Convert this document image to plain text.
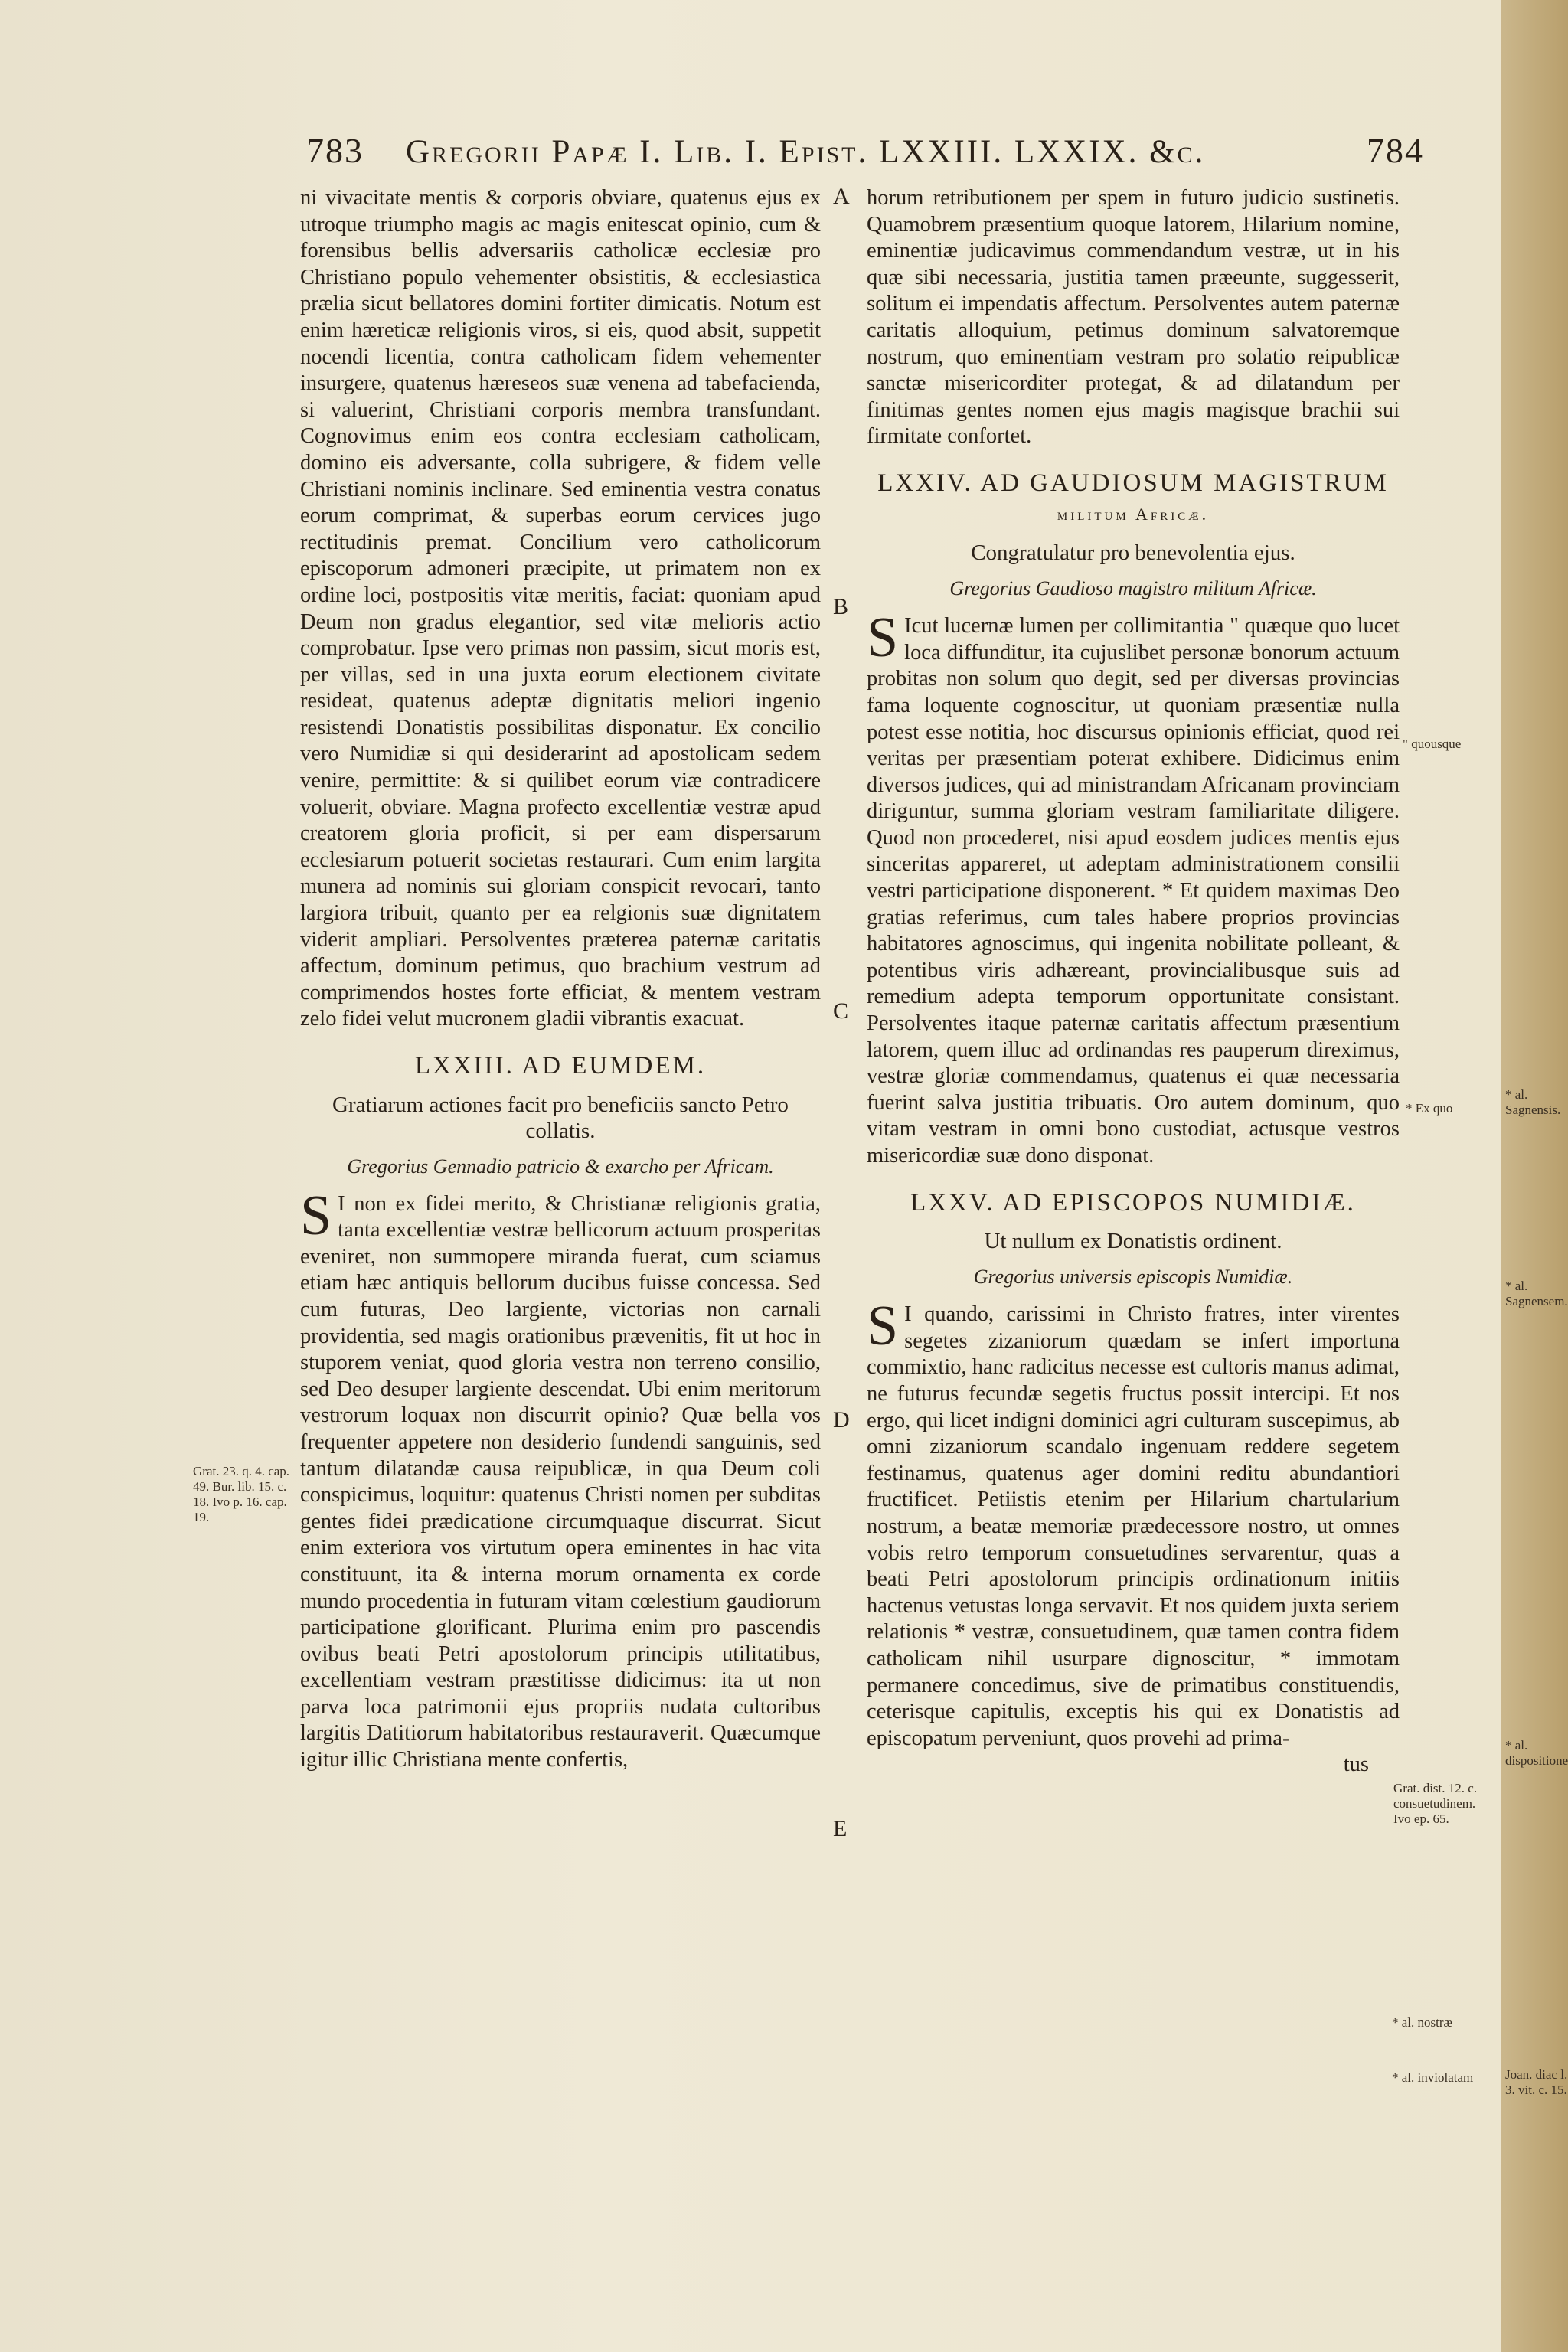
* al. Sagnensis.
* al. Sagnensem.
* al. dispositione
Joan. diac l. 3. vit. c. 15.
783 Gregorii Papæ I. Lib. I. Epist. LXXIII. LXXIX. &c.	784

ni vivacitate mentis & corporis obviare, quatenus ejus ex utroque triumpho magis ac magis enitescat opinio, cum & forensibus bellis adversariis catholicæ ecclesiæ pro Christiano populo vehementer obsistitis, & ecclesiastica prælia sicut bellatores domini fortiter dimicatis. Notum est enim hæreticæ religionis viros, si eis, quod absit, suppetit nocendi licentia, contra catholicam fidem vehementer insurgere, quatenus hæreseos suæ venena ad tabefacienda, si valuerint, Christiani corporis membra transfundant. Cognovimus enim eos contra ecclesiam catholicam, domino eis adversante, colla subrigere, & fidem velle Christiani nominis inclinare. Sed eminentia vestra conatus eorum comprimat, & superbas eorum cervices jugo rectitudinis premat. Concilium vero catholicorum episcoporum admoneri præcipite, ut primatem non ex ordine loci, postpositis vitæ meritis, faciat: quoniam apud Deum non gradus elegantior, sed vitæ melioris actio comprobatur. Ipse vero primas non passim, sicut moris est, per villas, sed in una juxta eorum electionem civitate resideat, quatenus adeptæ dignitatis meliori ingenio resistendi Donatistis possibilitas disponatur. Ex concilio vero Numidiæ si qui desiderarint ad apostolicam sedem venire, permittite: & si quilibet eorum viæ contradicere voluerit, obviare. Magna profecto excellentiæ vestræ apud creatorem gloria proficit, si per eam dispersarum ecclesiarum potuerit societas restaurari. Cum enim largita munera ad nominis sui gloriam conspicit revocari, tanto largiora tribuit, quanto per ea relgionis suæ dignitatem viderit ampliari. Persolventes præterea paternæ caritatis affectum, dominum petimus, quo brachium vestrum ad comprimendos hostes forte efficiat, & mentem vestram zelo fidei velut mucronem gladii vibrantis exacuat.

LXXIII. AD EUMDEM.
Gratiarum actiones facit pro beneficiis sancto Petro collatis.
Gregorius Gennadio patricio & exarcho per Africam.

S I non ex fidei merito, & Christianæ religionis gratia, tanta excellentiæ vestræ bellicorum actuum prosperitas eveniret, non summopere miranda fuerat, cum sciamus etiam hæc antiquis bellorum ducibus fuisse concessa. Sed cum futuras, Deo largiente, victorias non carnali providentia, sed magis orationibus prævenitis, fit ut hoc in stuporem veniat, quod gloria vestra non terreno consilio, sed Deo desuper largiente descendat. Ubi enim meritorum vestrorum loquax non discurrit opinio? Quæ bella vos frequenter appetere non desiderio fundendi sanguinis, sed tantum dilatandæ causa reipublicæ, in qua Deum coli conspicimus, loquitur: quatenus Christi nomen per subditas gentes fidei prædicatione circumquaque discurrat. Sicut enim exteriora vos virtutum opera eminentes in hac vita constituunt, ita & interna morum ornamenta ex corde mundo procedentia in futuram vitam cœlestium gaudiorum participatione glorificant. Plurima enim pro pascendis ovibus beati Petri apostolorum principis utilitatibus, excellentiam vestram præstitisse didicimus: ita ut non parva loca patrimonii ejus propriis nudata cultoribus largitis Datitiorum habitatoribus restauraverit. Quæcumque igitur illic Christiana mente confertis,

horum retributionem per spem in futuro judicio sustinetis. Quamobrem præsentium quoque latorem, Hilarium nomine, eminentiæ judicavimus commendandum vestræ, ut in his quæ sibi necessaria, justitia tamen præeunte, suggesserit, solitum ei impendatis affectum. Persolventes autem paternæ caritatis alloquium, petimus dominum salvatoremque nostrum, quo eminentiam vestram pro solatio reipublicæ sanctæ misericorditer protegat, & ad dilatandum per finitimas gentes nomen ejus magis magisque brachii sui firmitate confortet.

LXXIV. AD GAUDIOSUM MAGISTRUM
militum Africæ.
Congratulatur pro benevolentia ejus.
Gregorius Gaudioso magistro militum Africæ.

S Icut lucernæ lumen per collimitantia " quæque quo lucet loca diffunditur, ita cujuslibet personæ bonorum actuum probitas non solum quo degit, sed per diversas provincias fama loquente cognoscitur, ut quoniam præsentiæ nulla potest esse notitia, hoc discursus opinionis efficiat, quod rei veritas per præsentiam poterat exhibere. Didicimus enim diversos judices, qui ad ministrandam Africanam provinciam diriguntur, summa gloriam vestram familiaritate diligere. Quod non procederet, nisi apud eosdem judices mentis ejus sinceritas appareret, ut adeptam administrationem consilii vestri participatione disponerent. * Et quidem maximas Deo gratias referimus, cum tales habere proprios provincias habitatores agnoscimus, qui ingenita nobilitate polleant, & potentibus viris adhæreant, provincialibusque suis ad remedium adepta temporum opportunitate consistant. Persolventes itaque paternæ caritatis affectum præsentium latorem, quem illuc ad ordinandas res pauperum direximus, vestræ gloriæ commendamus, quatenus ei quæ necessaria fuerint salva justitia tribuatis. Oro autem dominum, quo vitam vestram in omni bono custodiat, actusque vestros misericordiæ suæ dono disponat.

LXXV. AD EPISCOPOS NUMIDIÆ.
Ut nullum ex Donatistis ordinent.
Gregorius universis episcopis Numidiæ.

S I quando, carissimi in Christo fratres, inter virentes segetes zizaniorum quædam se infert importuna commixtio, hanc radicitus necesse est cultoris manus adimat, ne futurus fecundæ segetis fructus possit intercipi. Et nos ergo, qui licet indigni dominici agri culturam suscepimus, ab omni zizaniorum scandalo ingenuam reddere segetem festinamus, quatenus ager domini reditu abundantiori fructificet. Petiistis etenim per Hilarium chartularium nostrum, a beatæ memoriæ prædecessore nostro, ut omnes vobis retro temporum consuetudines servarentur, quas a beati Petri apostolorum principis ordinationum initiis hactenus vetustas longa servavit. Et nos quidem juxta seriem relationis * vestræ, consuetudinem, quæ tamen contra fidem catholicam nihil usurpare dignoscitur, * immotam permanere concedimus, sive de primatibus constituendis, ceterisque capitulis, exceptis his qui ex Donatistis ad episcopatum perveniunt, quos provehi ad prima-

tus
A
B
C
D
E
Grat. 23. q. 4. cap. 49. Bur. lib. 15. c. 18. Ivo p. 16. cap. 19.
" quousque
* Ex quo
Grat. dist. 12. c. consuetudinem. Ivo ep. 65.
* al. nostræ
* al. inviolatam
